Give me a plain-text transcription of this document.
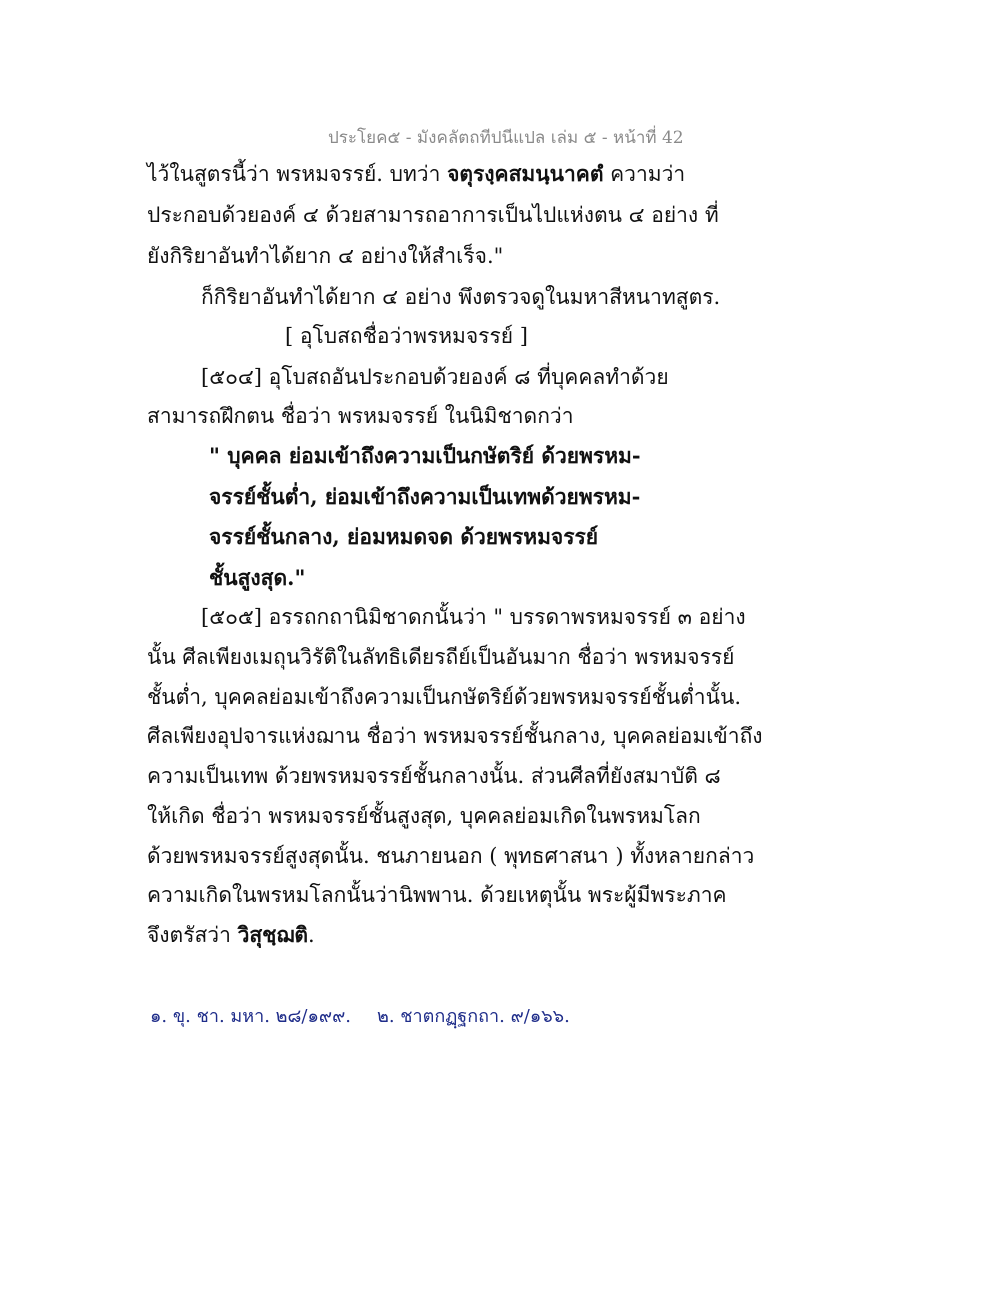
ประโยค๕ - มังคลัตถทีปนีแปล เล่ม ๕ - หน้าที่ 42
ไว้ในสูตรนี้ว่า พรหมจรรย์. บทว่า จตุรงฺคสมนฺนาคตํ ความว่า
ประกอบด้วยองค์ ๔ ด้วยสามารถอาการเป็นไปแห่งตน ๔ อย่าง ที่
ยังกิริยาอันทำได้ยาก ๔ อย่างให้สำเร็จ."
ก็กิริยาอันทำได้ยาก ๔ อย่าง พึงตรวจดูในมหาสีหนาทสูตร.
[ อุโบสถชื่อว่าพรหมจรรย์ ]
[๕๐๔] อุโบสถอันประกอบด้วยองค์ ๘ ที่บุคคลทำด้วย
สามารถฝึกตน ชื่อว่า พรหมจรรย์ ในนิมิชาดกว่า
" บุคคล ย่อมเข้าถึงความเป็นกษัตริย์ ด้วยพรหม-
จรรย์ชั้นต่ำ, ย่อมเข้าถึงความเป็นเทพด้วยพรหม-
จรรย์ชั้นกลาง, ย่อมหมดจด ด้วยพรหมจรรย์
ชั้นสูงสุด."
[๕๐๕] อรรถกถานิมิชาดกนั้นว่า " บรรดาพรหมจรรย์ ๓ อย่าง
นั้น ศีลเพียงเมถุนวิรัติในลัทธิเดียรถีย์เป็นอันมาก ชื่อว่า พรหมจรรย์
ชั้นต่ำ, บุคคลย่อมเข้าถึงความเป็นกษัตริย์ด้วยพรหมจรรย์ชั้นต่ำนั้น.
ศีลเพียงอุปจารแห่งฌาน ชื่อว่า พรหมจรรย์ชั้นกลาง, บุคคลย่อมเข้าถึง
ความเป็นเทพ ด้วยพรหมจรรย์ชั้นกลางนั้น. ส่วนศีลที่ยังสมาบัติ ๘
ให้เกิด ชื่อว่า พรหมจรรย์ชั้นสูงสุด, บุคคลย่อมเกิดในพรหมโลก
ด้วยพรหมจรรย์สูงสุดนั้น. ชนภายนอก ( พุทธศาสนา ) ทั้งหลายกล่าว
ความเกิดในพรหมโลกนั้นว่านิพพาน. ด้วยเหตุนั้น พระผู้มีพระภาค
จึงตรัสว่า วิสุชฺฌติ.
๑. ขุ. ชา. มหา. ๒๘/๑๙๙. ๒. ชาตกฏฺฐกถา. ๙/๑๖๖.
